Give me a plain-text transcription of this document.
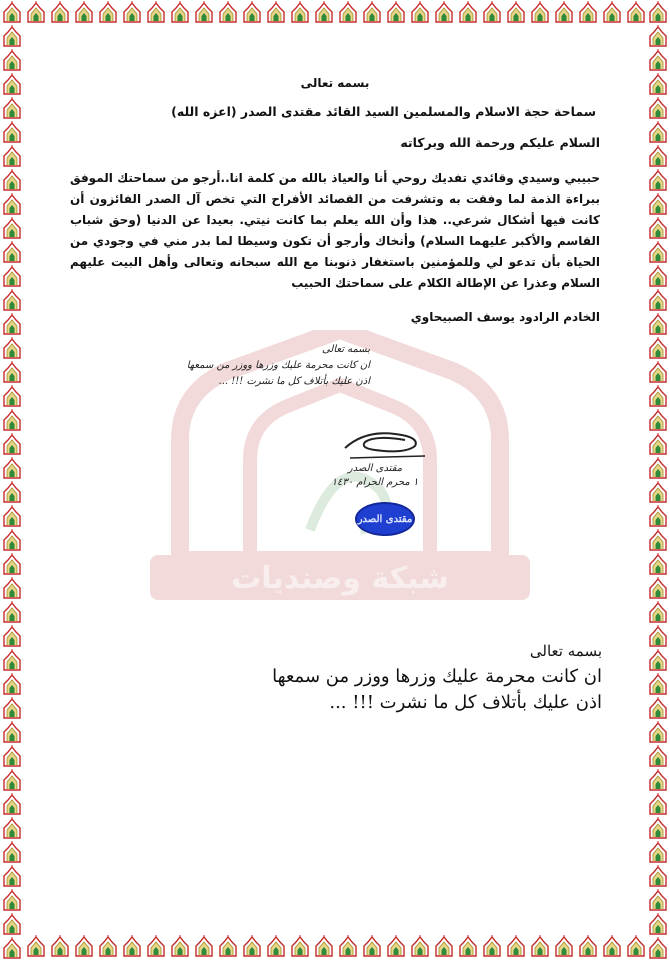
شبكة وصنديات
بسمه تعالى
سماحة حجة الاسلام والمسلمين السيد القائد مقتدى الصدر (اعزه الله)
السلام عليكم ورحمة الله وبركاته

حبيبي وسيدي وقائدي تفديك روحي أنا والعياذ بالله من كلمة انا..أرجو من سماحتك الموفق ببراءة الذمة لما وفقت به وتشرفت من القصائد الأفراح التي تخص آل الصدر الفائزون أن كانت فيها أشكال شرعي.. هذا وأن الله يعلم بما كانت نيتي. بعيدا عن الدنيا (وحق شباب القاسم والأكبر عليهما السلام) وأنخاك وأرجو أن تكون وسيطا لما بدر مني في وجودي من الحياة بأن تدعو لي وللمؤمنين باستغفار ذنوبنا مع الله سبحانه وتعالى وأهل البيت عليهم السلام وعذرا عن الإطالة الكلام على سماحتك الحبيب

الخادم الرادود يوسف الصبيحاوي
بسمه تعالى
ان كانت محرمة عليك وزرها ووزر من سمعها
اذن عليك بأتلاف كل ما نشرت !!! ...
مقتدى الصدر
١ محرم الحرام ١٤٣٠
مقتدى الصدر
بسمه تعالى
ان كانت محرمة عليك وزرها ووزر من سمعها
اذن عليك بأتلاف كل ما نشرت !!! ...
